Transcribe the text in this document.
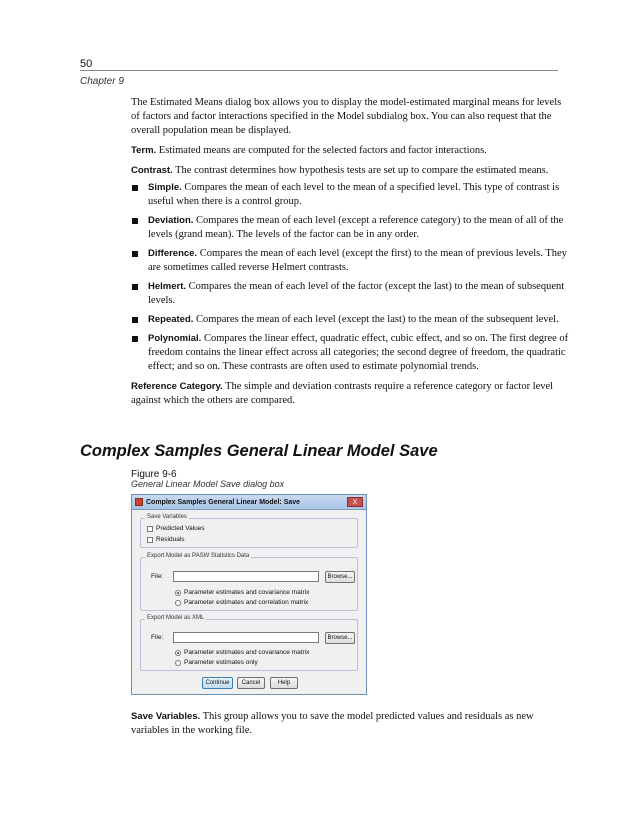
50
Chapter 9

The Estimated Means dialog box allows you to display the model-estimated marginal means for levels of factors and factor interactions specified in the Model subdialog box. You can also request that the overall population mean be displayed.

Term. Estimated means are computed for the selected factors and factor interactions.

Contrast. The contrast determines how hypothesis tests are set up to compare the estimated means.

Simple. Compares the mean of each level to the mean of a specified level. This type of contrast is useful when there is a control group.
Deviation. Compares the mean of each level (except a reference category) to the mean of all of the levels (grand mean). The levels of the factor can be in any order.
Difference. Compares the mean of each level (except the first) to the mean of previous levels. They are sometimes called reverse Helmert contrasts.
Helmert. Compares the mean of each level of the factor (except the last) to the mean of subsequent levels.
Repeated. Compares the mean of each level (except the last) to the mean of the subsequent level.
Polynomial. Compares the linear effect, quadratic effect, cubic effect, and so on. The first degree of freedom contains the linear effect across all categories; the second degree of freedom, the quadratic effect; and so on. These contrasts are often used to estimate polynomial trends.

Reference Category. The simple and deviation contrasts require a reference category or factor level against which the others are compared.

Complex Samples General Linear Model Save
Figure 9-6
General Linear Model Save dialog box
Complex Samples General Linear Model: Save	X
Save Variables
Predicted Values
Residuals
Export Model as PASW Statistics Data
File:	Browse...
Parameter estimates and covariance matrix
Parameter estimates and correlation matrix
Export Model as XML
File:	Browse...
Parameter estimates and covariance matrix
Parameter estimates only
Continue	Cancel	Help

Save Variables. This group allows you to save the model predicted values and residuals as new variables in the working file.
